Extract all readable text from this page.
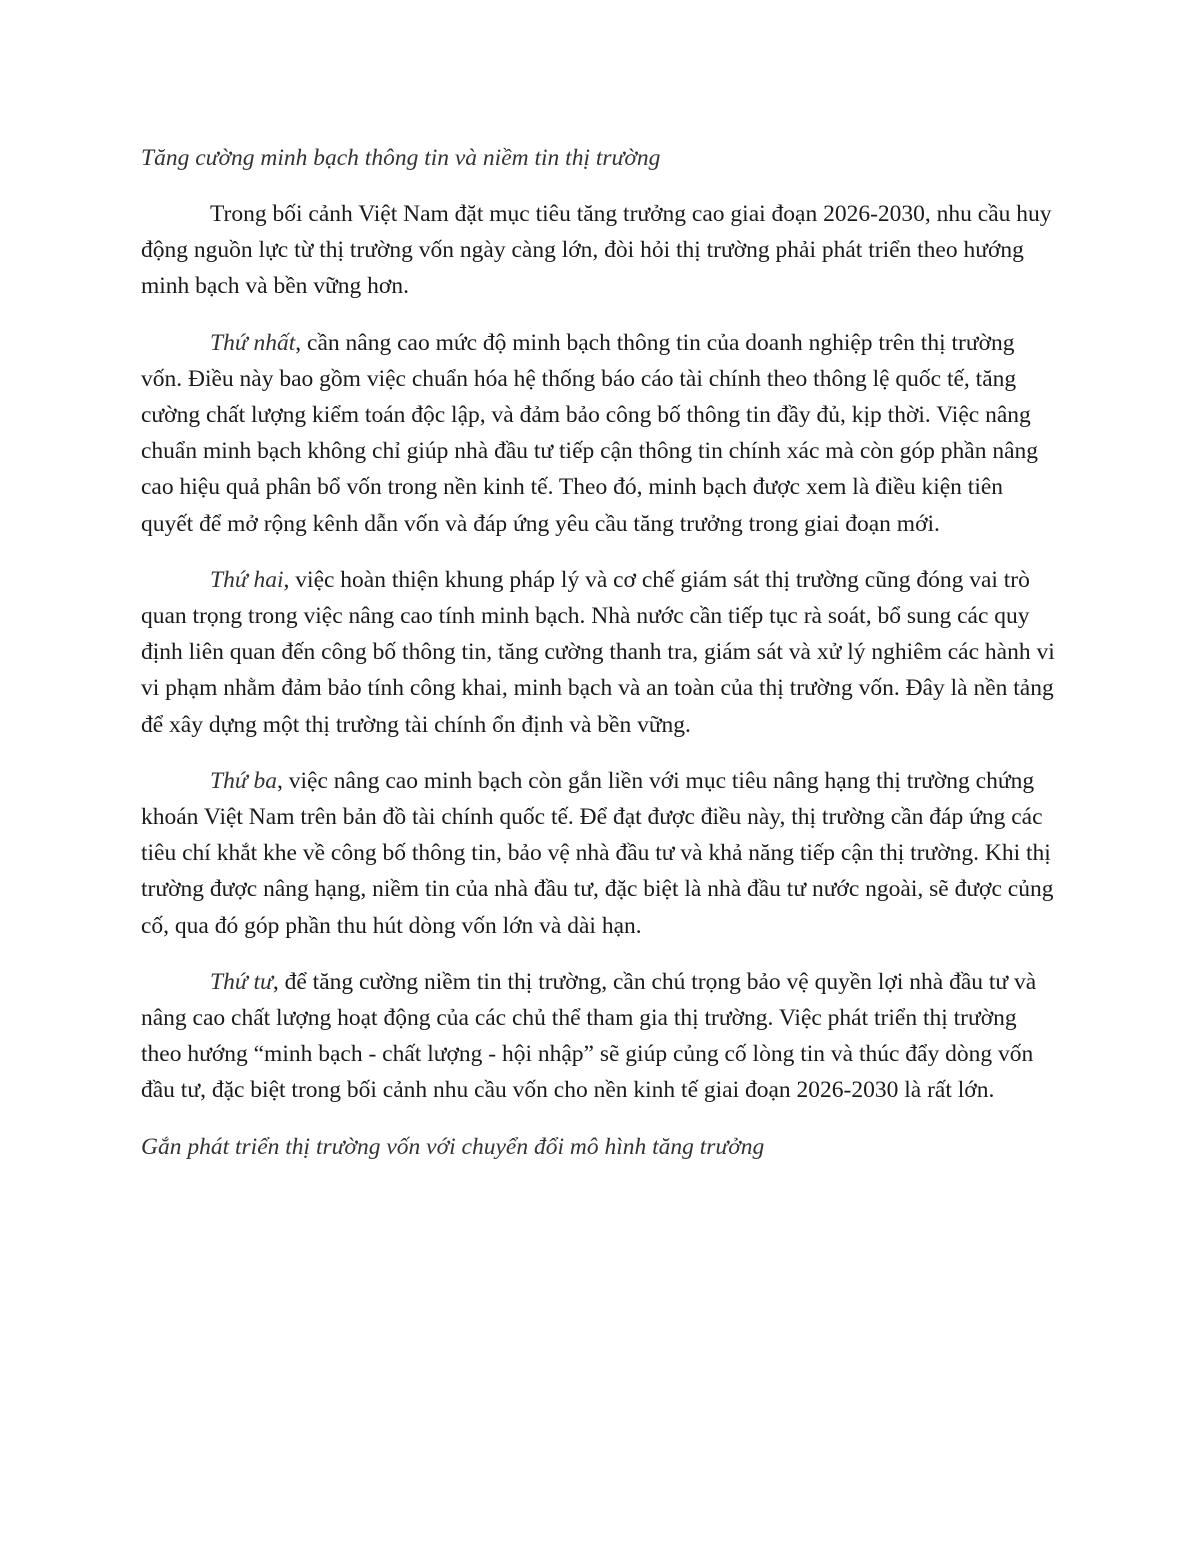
Tăng cường minh bạch thông tin và niềm tin thị trường

Trong bối cảnh Việt Nam đặt mục tiêu tăng trưởng cao giai đoạn 2026-2030, nhu cầu huy động nguồn lực từ thị trường vốn ngày càng lớn, đòi hỏi thị trường phải phát triển theo hướng minh bạch và bền vững hơn.

Thứ nhất, cần nâng cao mức độ minh bạch thông tin của doanh nghiệp trên thị trường vốn. Điều này bao gồm việc chuẩn hóa hệ thống báo cáo tài chính theo thông lệ quốc tế, tăng cường chất lượng kiểm toán độc lập, và đảm bảo công bố thông tin đầy đủ, kịp thời. Việc nâng chuẩn minh bạch không chỉ giúp nhà đầu tư tiếp cận thông tin chính xác mà còn góp phần nâng cao hiệu quả phân bổ vốn trong nền kinh tế. Theo đó, minh bạch được xem là điều kiện tiên quyết để mở rộng kênh dẫn vốn và đáp ứng yêu cầu tăng trưởng trong giai đoạn mới.

Thứ hai, việc hoàn thiện khung pháp lý và cơ chế giám sát thị trường cũng đóng vai trò quan trọng trong việc nâng cao tính minh bạch. Nhà nước cần tiếp tục rà soát, bổ sung các quy định liên quan đến công bố thông tin, tăng cường thanh tra, giám sát và xử lý nghiêm các hành vi vi phạm nhằm đảm bảo tính công khai, minh bạch và an toàn của thị trường vốn. Đây là nền tảng để xây dựng một thị trường tài chính ổn định và bền vững.

Thứ ba, việc nâng cao minh bạch còn gắn liền với mục tiêu nâng hạng thị trường chứng khoán Việt Nam trên bản đồ tài chính quốc tế. Để đạt được điều này, thị trường cần đáp ứng các tiêu chí khắt khe về công bố thông tin, bảo vệ nhà đầu tư và khả năng tiếp cận thị trường. Khi thị trường được nâng hạng, niềm tin của nhà đầu tư, đặc biệt là nhà đầu tư nước ngoài, sẽ được củng cố, qua đó góp phần thu hút dòng vốn lớn và dài hạn.

Thứ tư, để tăng cường niềm tin thị trường, cần chú trọng bảo vệ quyền lợi nhà đầu tư và nâng cao chất lượng hoạt động của các chủ thể tham gia thị trường. Việc phát triển thị trường theo hướng “minh bạch - chất lượng - hội nhập” sẽ giúp củng cố lòng tin và thúc đẩy dòng vốn đầu tư, đặc biệt trong bối cảnh nhu cầu vốn cho nền kinh tế giai đoạn 2026-2030 là rất lớn.

Gắn phát triển thị trường vốn với chuyển đổi mô hình tăng trưởng
